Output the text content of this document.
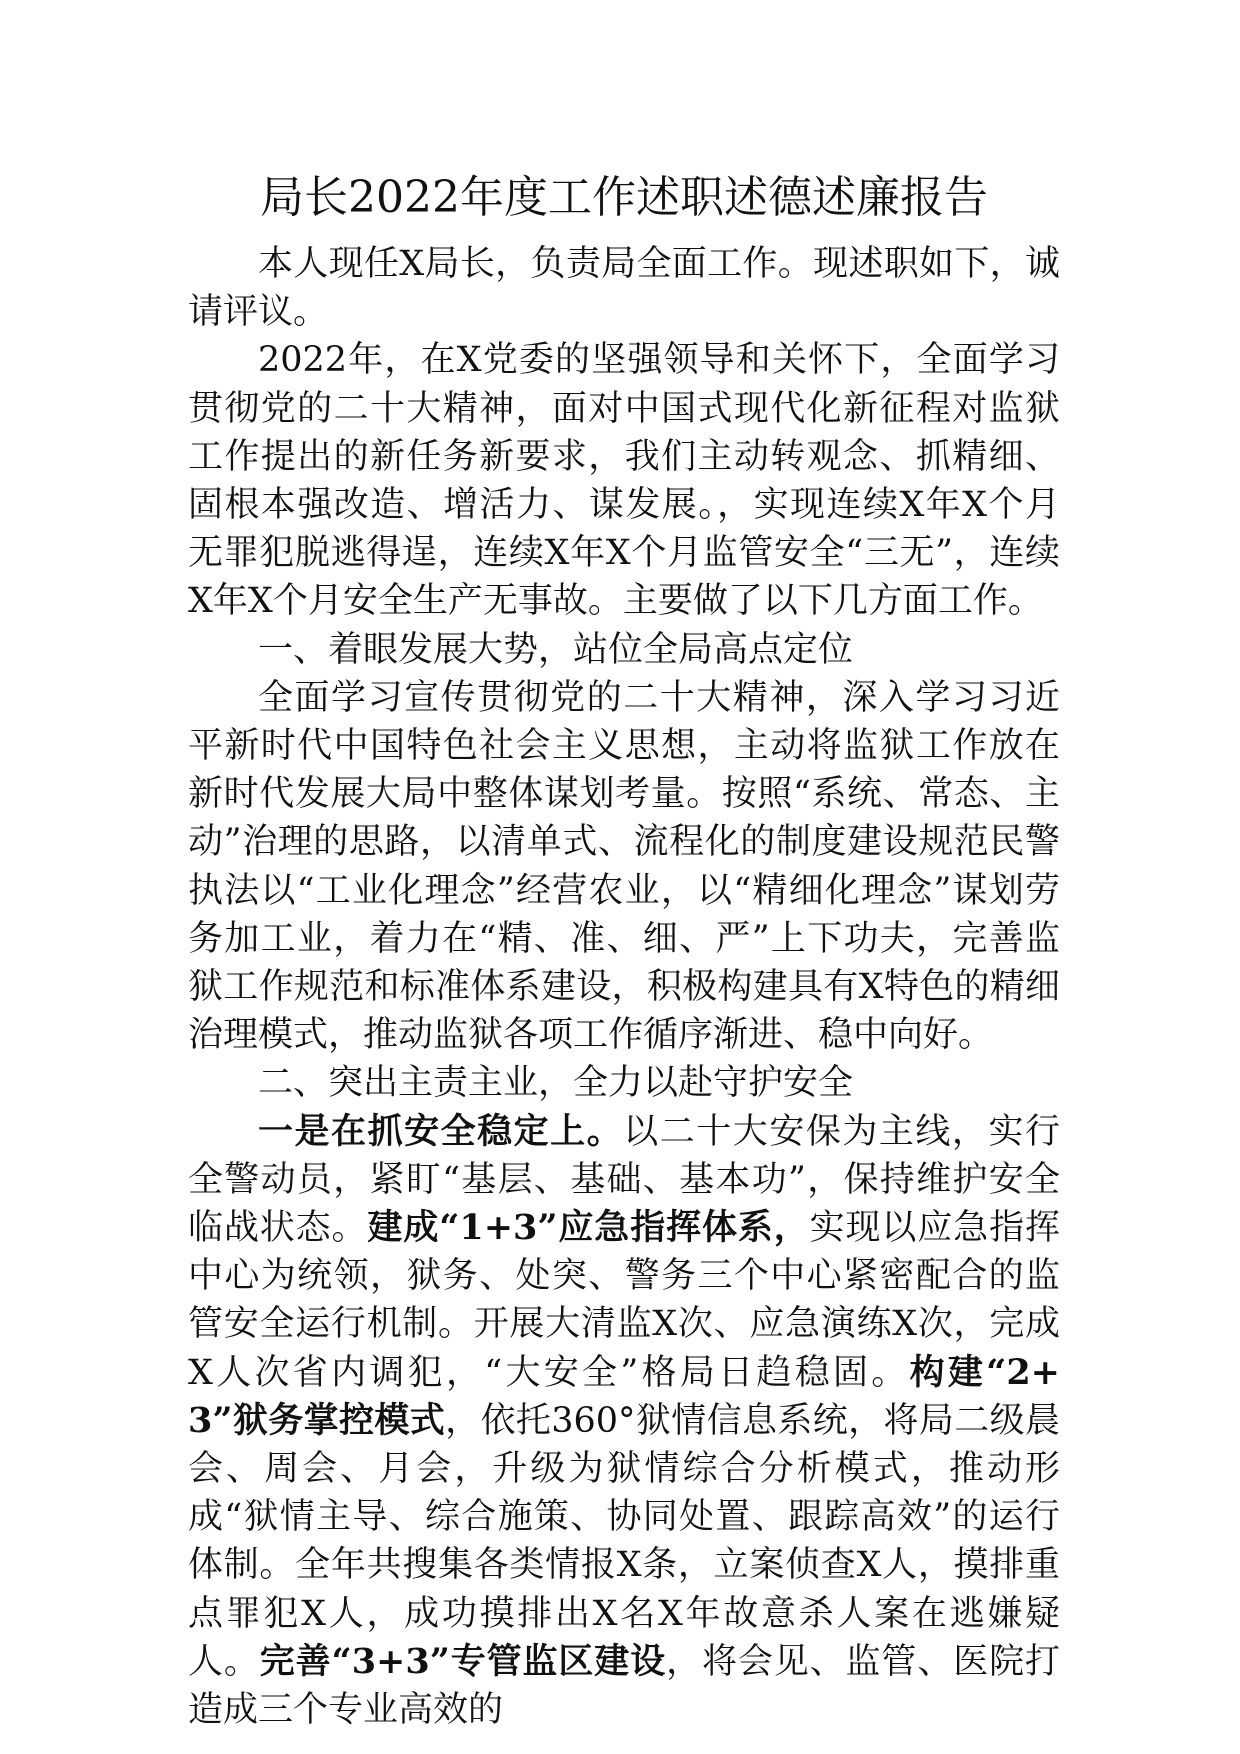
局长2022年度工作述职述德述廉报告

本人现任X局长，负责局全面工作。现述职如下，诚请评议。

2022年，在X党委的坚强领导和关怀下，全面学习贯彻党的二十大精神，面对中国式现代化新征程对监狱工作提出的新任务新要求，我们主动转观念、抓精细、固根本强改造、增活力、谋发展。，实现连续X年X个月无罪犯脱逃得逞，连续X年X个月监管安全“三无”，连续X年X个月安全生产无事故。主要做了以下几方面工作。

一、着眼发展大势，站位全局高点定位

全面学习宣传贯彻党的二十大精神，深入学习习近平新时代中国特色社会主义思想，主动将监狱工作放在新时代发展大局中整体谋划考量。按照“系统、常态、主动”治理的思路，以清单式、流程化的制度建设规范民警执法以“工业化理念”经营农业，以“精细化理念”谋划劳务加工业，着力在“精、准、细、严”上下功夫，完善监狱工作规范和标准体系建设，积极构建具有X特色的精细治理模式，推动监狱各项工作循序渐进、稳中向好。

二、突出主责主业，全力以赴守护安全

一是在抓安全稳定上。以二十大安保为主线，实行全警动员，紧盯“基层、基础、基本功”，保持维护安全临战状态。建成“1+3”应急指挥体系，实现以应急指挥中心为统领，狱务、处突、警务三个中心紧密配合的监管安全运行机制。开展大清监X次、应急演练X次，完成X人次省内调犯，“大安全”格局日趋稳固。构建“2+3”狱务掌控模式，依托360°狱情信息系统，将局二级晨会、周会、月会，升级为狱情综合分析模式，推动形成“狱情主导、综合施策、协同处置、跟踪高效”的运行体制。全年共搜集各类情报X条，立案侦查X人，摸排重点罪犯X人，成功摸排出X名X年故意杀人案在逃嫌疑人。完善“3+3”专管监区建设，将会见、监管、医院打造成三个专业高效的
